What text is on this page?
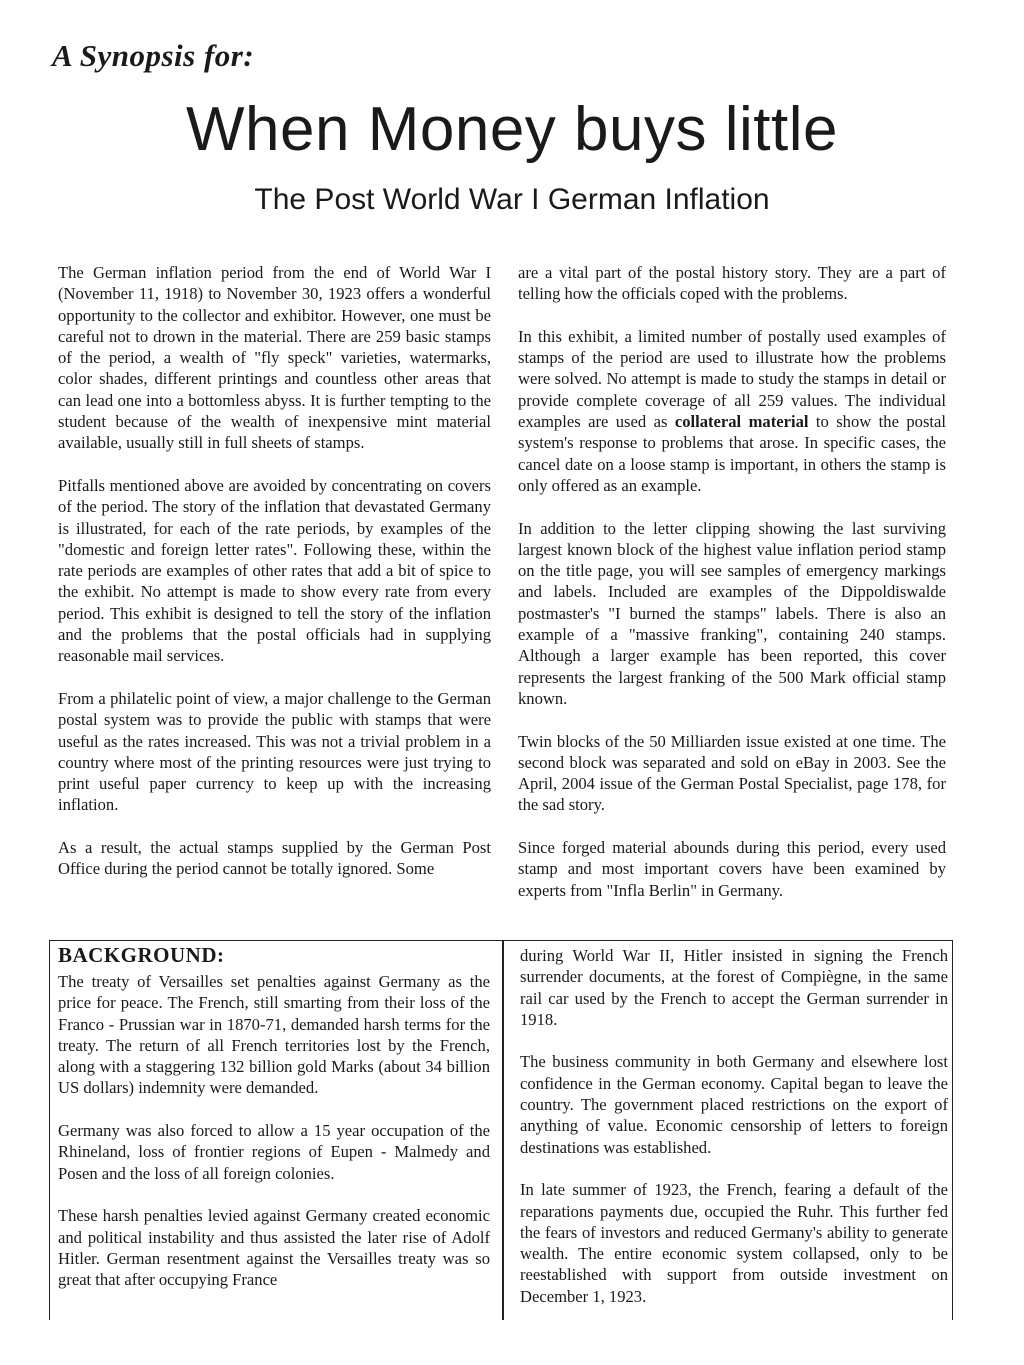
A Synopsis for:
When Money buys little
The Post World War I German Inflation

The German inflation period from the end of World War I (November 11, 1918) to November 30, 1923 offers a wonderful opportunity to the collector and exhibitor. However, one must be careful not to drown in the material. There are 259 basic stamps of the period, a wealth of "fly speck" varieties, watermarks, color shades, different printings and countless other areas that can lead one into a bottomless abyss. It is further tempting to the student because of the wealth of inexpensive mint material available, usually still in full sheets of stamps.

Pitfalls mentioned above are avoided by concentrating on covers of the period. The story of the inflation that devastated Germany is illustrated, for each of the rate periods, by examples of the "domestic and foreign letter rates". Following these, within the rate periods are examples of other rates that add a bit of spice to the exhibit. No attempt is made to show every rate from every period. This exhibit is designed to tell the story of the inflation and the problems that the postal officials had in supplying reasonable mail services.

From a philatelic point of view, a major challenge to the German postal system was to provide the public with stamps that were useful as the rates increased. This was not a trivial problem in a country where most of the printing resources were just trying to print useful paper currency to keep up with the increasing inflation.

As a result, the actual stamps supplied by the German Post Office during the period cannot be totally ignored. Some

are a vital part of the postal history story. They are a part of telling how the officials coped with the problems.

In this exhibit, a limited number of postally used examples of stamps of the period are used to illustrate how the problems were solved. No attempt is made to study the stamps in detail or provide complete coverage of all 259 values. The individual examples are used as collateral material to show the postal system's response to problems that arose. In specific cases, the cancel date on a loose stamp is important, in others the stamp is only offered as an example.

In addition to the letter clipping showing the last surviving largest known block of the highest value inflation period stamp on the title page, you will see samples of emergency markings and labels. Included are examples of the Dippoldiswalde postmaster's "I burned the stamps" labels. There is also an example of a "massive franking", containing 240 stamps. Although a larger example has been reported, this cover represents the largest franking of the 500 Mark official stamp known.

Twin blocks of the 50 Milliarden issue existed at one time. The second block was separated and sold on eBay in 2003. See the April, 2004 issue of the German Postal Specialist, page 178, for the sad story.

Since forged material abounds during this period, every used stamp and most important covers have been examined by experts from "Infla Berlin" in Germany.

BACKGROUND:

The treaty of Versailles set penalties against Germany as the price for peace. The French, still smarting from their loss of the Franco - Prussian war in 1870-71, demanded harsh terms for the treaty. The return of all French territories lost by the French, along with a staggering 132 billion gold Marks (about 34 billion US dollars) indemnity were demanded.

Germany was also forced to allow a 15 year occupation of the Rhineland, loss of frontier regions of Eupen - Malmedy and Posen and the loss of all foreign colonies.

These harsh penalties levied against Germany created economic and political instability and thus assisted the later rise of Adolf Hitler. German resentment against the Versailles treaty was so great that after occupying France

during World War II, Hitler insisted in signing the French surrender documents, at the forest of Compiègne, in the same rail car used by the French to accept the German surrender in 1918.

The business community in both Germany and elsewhere lost confidence in the German economy. Capital began to leave the country. The government placed restrictions on the export of anything of value. Economic censorship of letters to foreign destinations was established.

In late summer of 1923, the French, fearing a default of the reparations payments due, occupied the Ruhr. This further fed the fears of investors and reduced Germany's ability to generate wealth. The entire economic system collapsed, only to be reestablished with support from outside investment on December 1, 1923.
